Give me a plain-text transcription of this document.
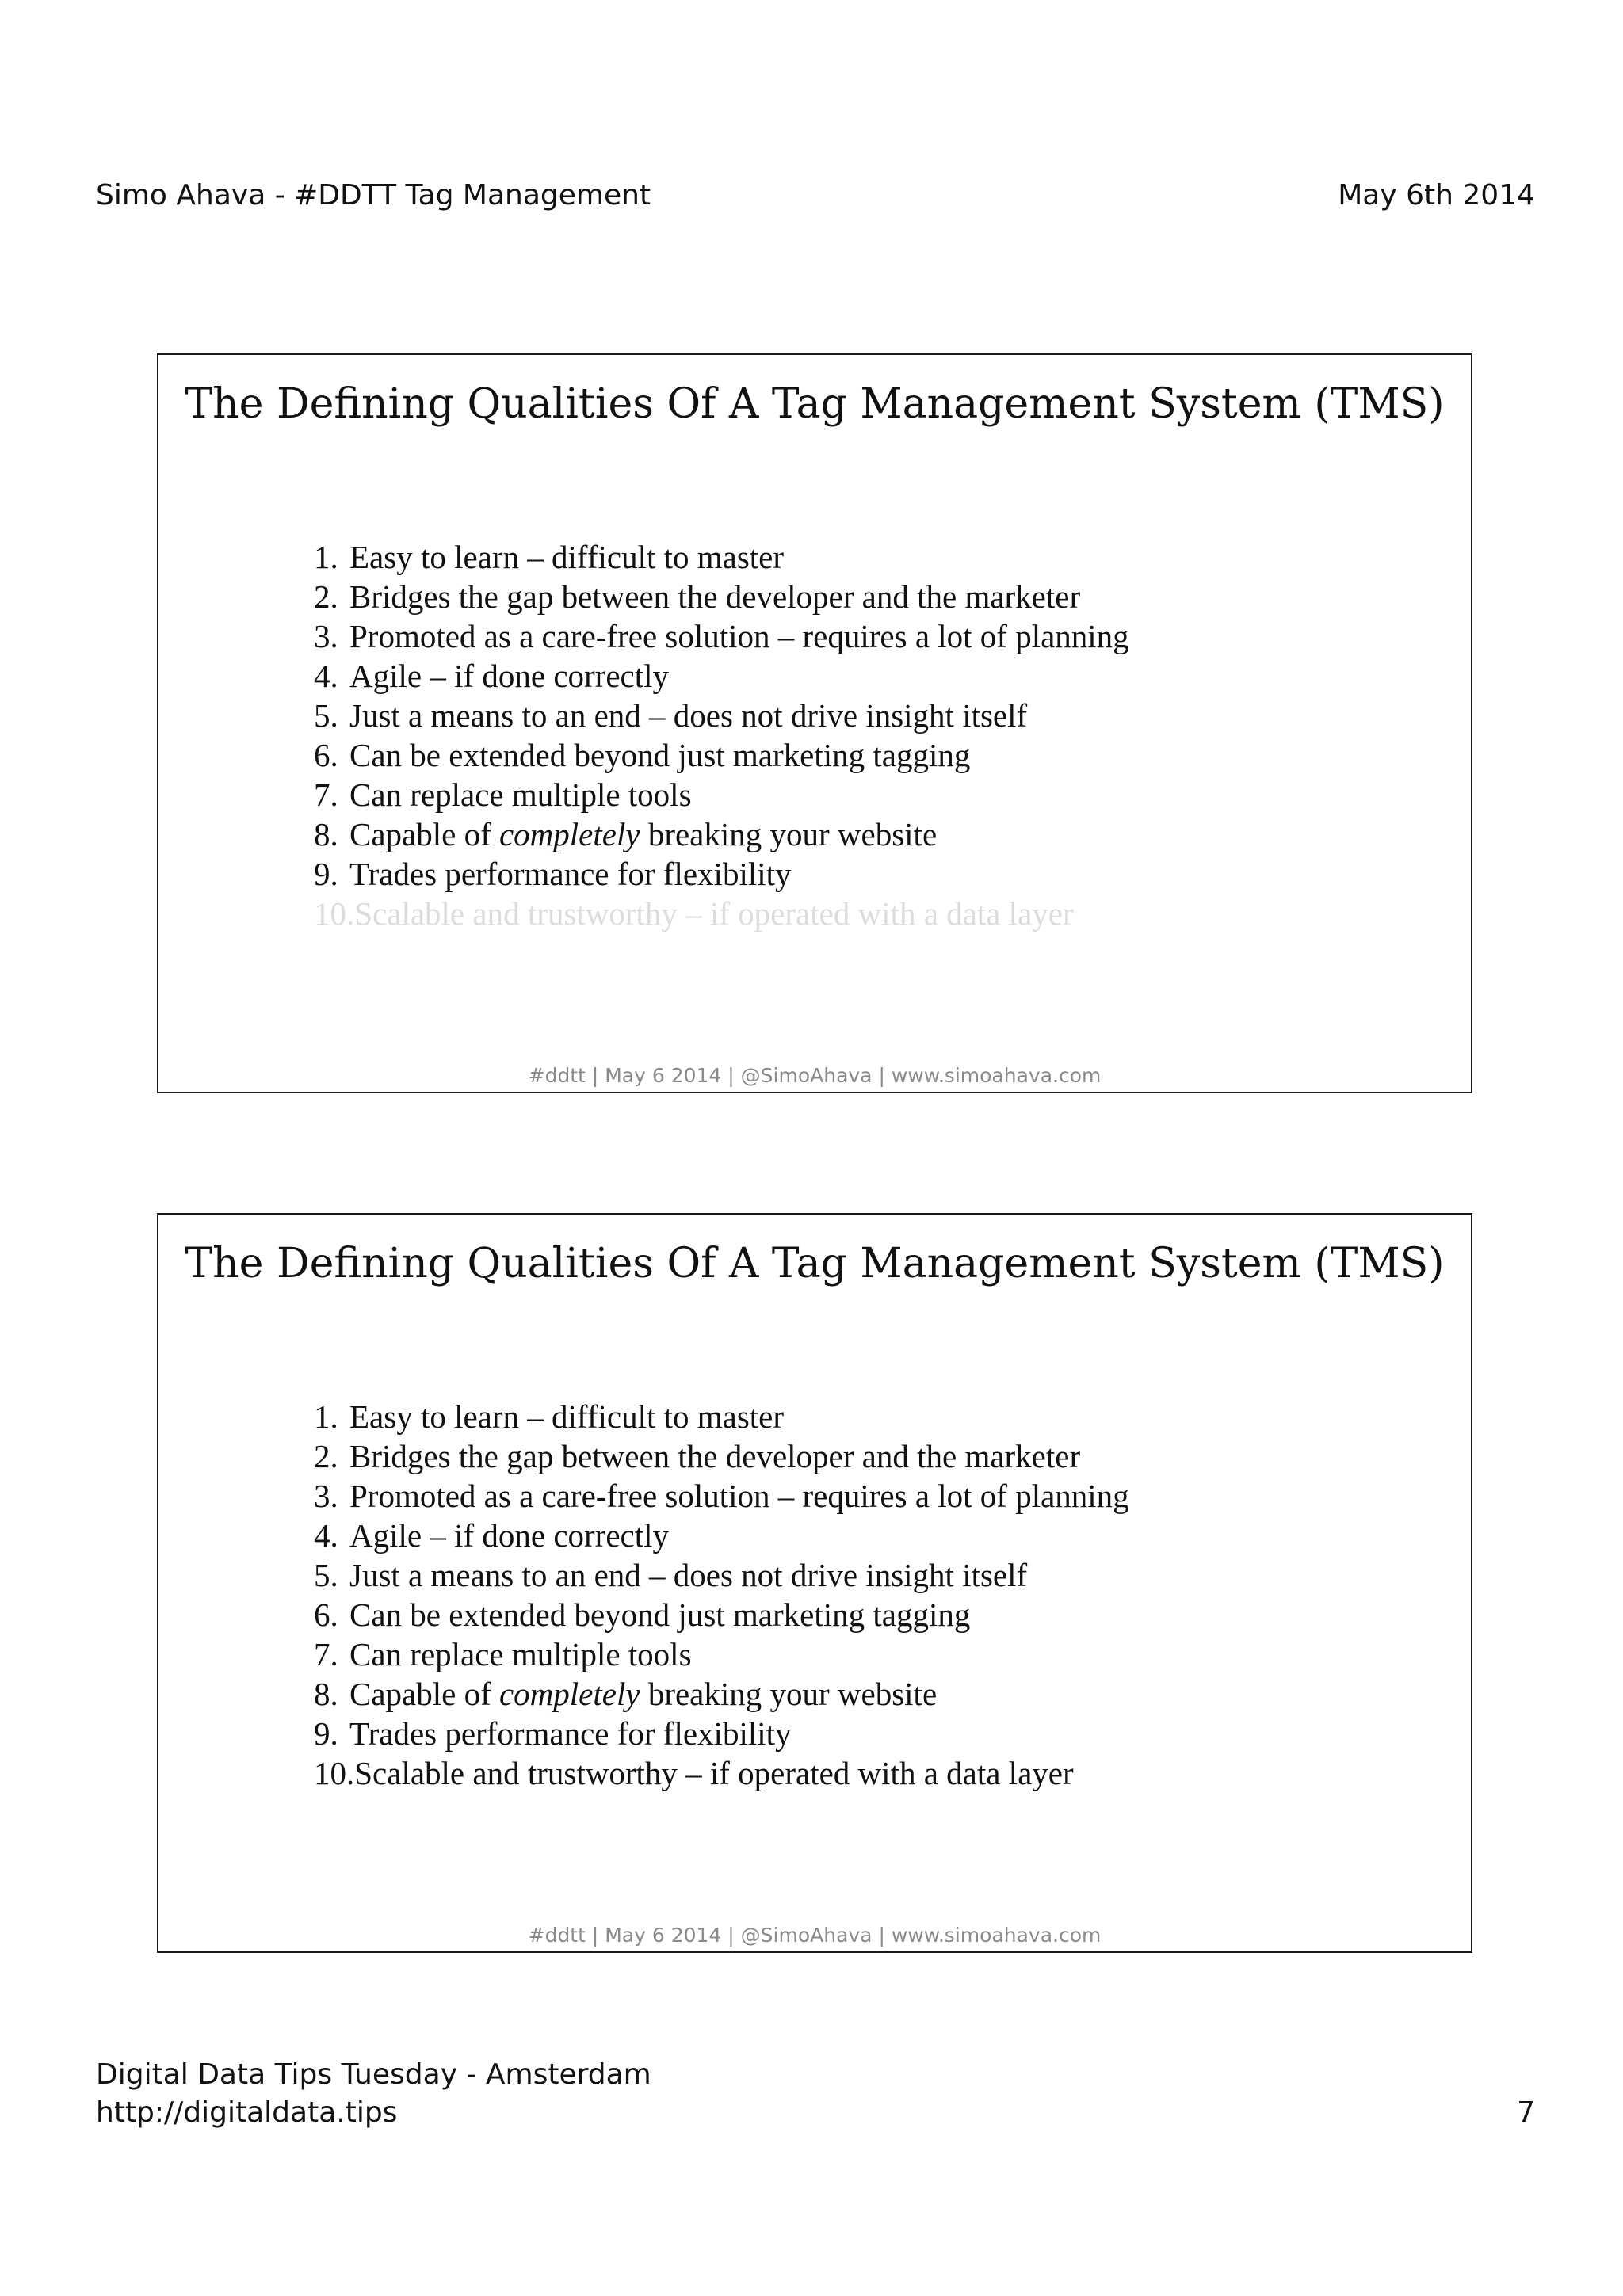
Simo Ahava - #DDTT Tag Management	May 6th 2014
The Defining Qualities Of A Tag Management System (TMS)
1. Easy to learn – difficult to master
2. Bridges the gap between the developer and the marketer
3. Promoted as a care-free solution – requires a lot of planning
4. Agile – if done correctly
5. Just a means to an end – does not drive insight itself
6. Can be extended beyond just marketing tagging
7. Can replace multiple tools
8. Capable of completely breaking your website
9. Trades performance for flexibility
10.Scalable and trustworthy – if operated with a data layer
#ddtt | May 6 2014 | @SimoAhava | www.simoahava.com
The Defining Qualities Of A Tag Management System (TMS)
1. Easy to learn – difficult to master
2. Bridges the gap between the developer and the marketer
3. Promoted as a care-free solution – requires a lot of planning
4. Agile – if done correctly
5. Just a means to an end – does not drive insight itself
6. Can be extended beyond just marketing tagging
7. Can replace multiple tools
8. Capable of completely breaking your website
9. Trades performance for flexibility
10.Scalable and trustworthy – if operated with a data layer
#ddtt | May 6 2014 | @SimoAhava | www.simoahava.com
Digital Data Tips Tuesday - Amsterdam
http://digitaldata.tips	7
